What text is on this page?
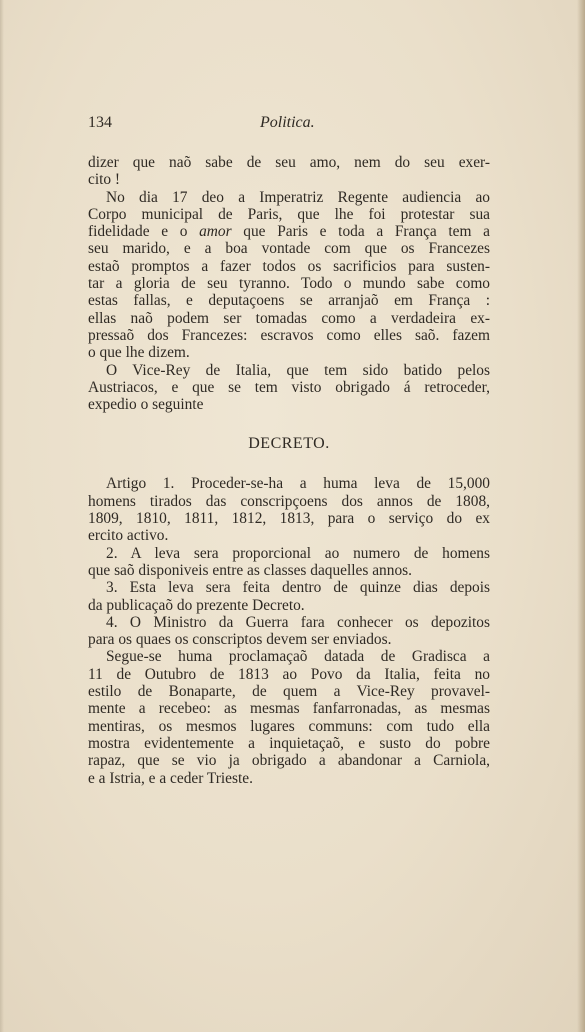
134	Politica.
dizer que naõ sabe de seu amo, nem do seu exer-
cito !
No dia 17 deo a Imperatriz Regente audiencia ao
Corpo municipal de Paris, que lhe foi protestar sua
fidelidade e o amor que Paris e toda a França tem a
seu marido, e a boa vontade com que os Francezes
estaõ promptos a fazer todos os sacrificios para susten-
tar a gloria de seu tyranno. Todo o mundo sabe como
estas fallas, e deputaçoens se arranjaõ em França :
ellas naõ podem ser tomadas como a verdadeira ex-
pressaõ dos Francezes: escravos como elles saõ. fazem
o que lhe dizem.
O Vice-Rey de Italia, que tem sido batido pelos
Austriacos, e que se tem visto obrigado á retroceder,
expedio o seguinte
DECRETO.
Artigo 1. Proceder-se-ha a huma leva de 15,000
homens tirados das conscripçoens dos annos de 1808,
1809, 1810, 1811, 1812, 1813, para o serviço do ex
ercito activo.
2. A leva sera proporcional ao numero de homens
que saõ disponiveis entre as classes daquelles annos.
3. Esta leva sera feita dentro de quinze dias depois
da publicaçaõ do prezente Decreto.
4. O Ministro da Guerra fara conhecer os depozitos
para os quaes os conscriptos devem ser enviados.
Segue-se huma proclamaçaõ datada de Gradisca a
11 de Outubro de 1813 ao Povo da Italia, feita no
estilo de Bonaparte, de quem a Vice-Rey provavel-
mente a recebeo: as mesmas fanfarronadas, as mesmas
mentiras, os mesmos lugares communs: com tudo ella
mostra evidentemente a inquietaçaõ, e susto do pobre
rapaz, que se vio ja obrigado a abandonar a Carniola,
e a Istria, e a ceder Trieste.
